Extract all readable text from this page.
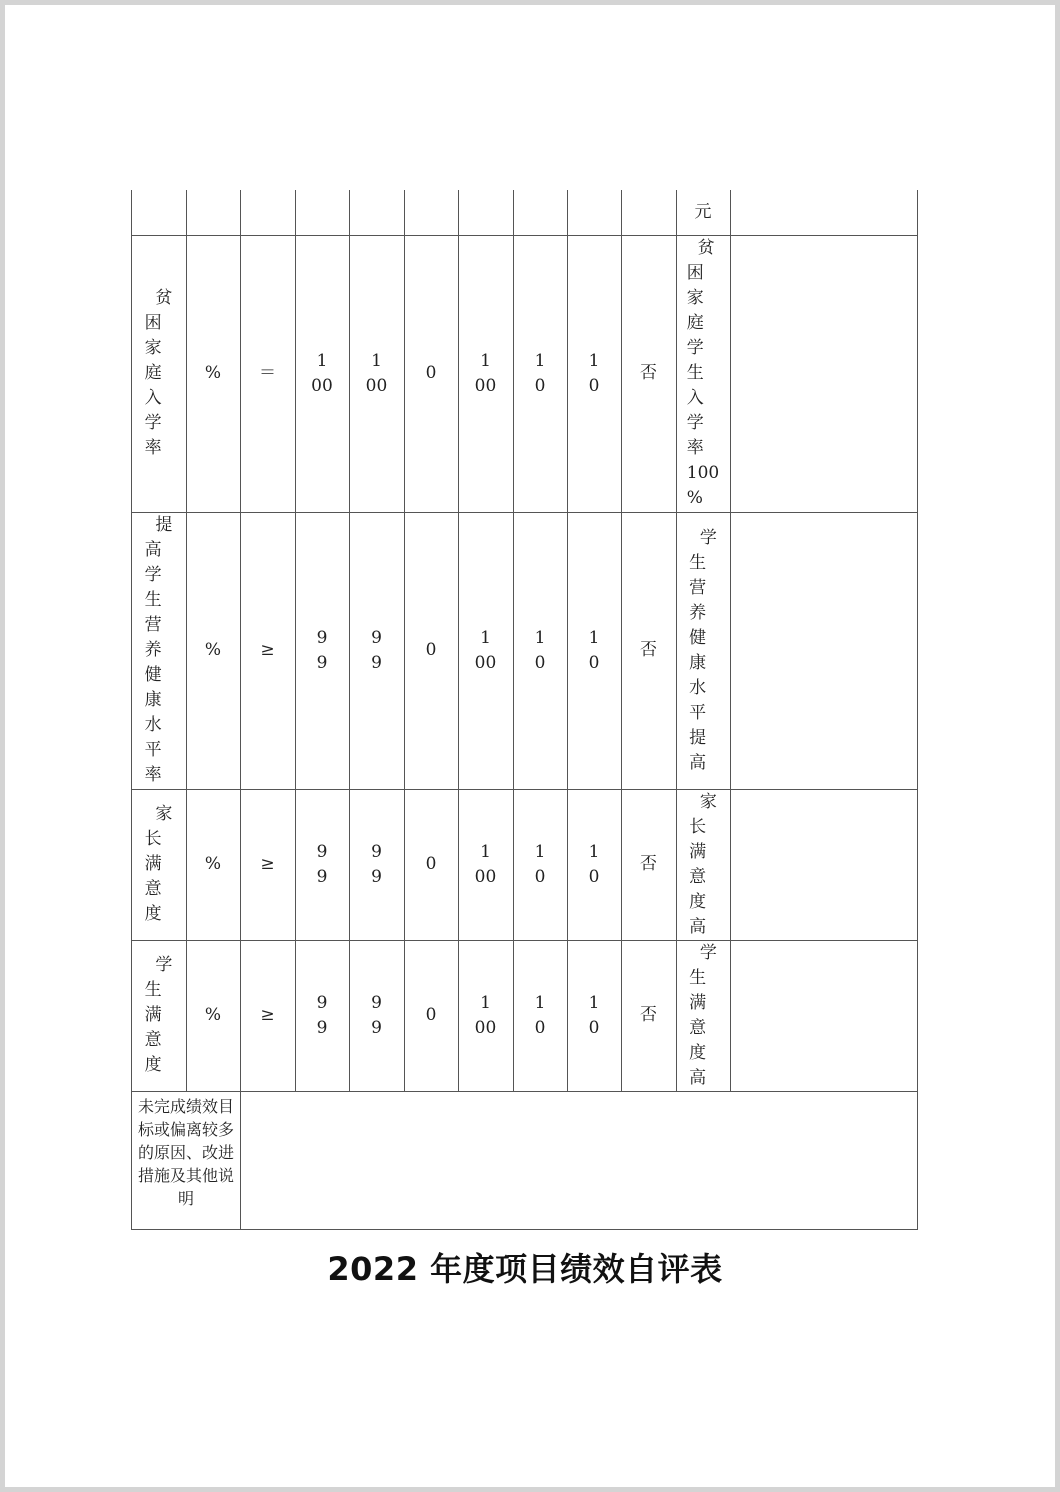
元
贫
困
家
庭
入
学
率
% ＝
1
00
1
00
0
1
00
1
0
1
0
否
贫
困
家
庭
学
生
入
学
率
100
%
提
高
学
生
营
养
健
康
水
平
率
% ≥
9
9
9
9
0
1
00
1
0
1
0
否
学
生
营
养
健
康
水
平
提
高
家
长
满
意
度
% ≥
9
9
9
9
0
1
00
1
0
1
0
否
家
长
满
意
度
高
学
生
满
意
度
% ≥
9
9
9
9
0
1
00
1
0
1
0
否
学
生
满
意
度
高
未完成绩效目标或偏离较多的原因、改进措施及其他说明
2022 年度项目绩效自评表
